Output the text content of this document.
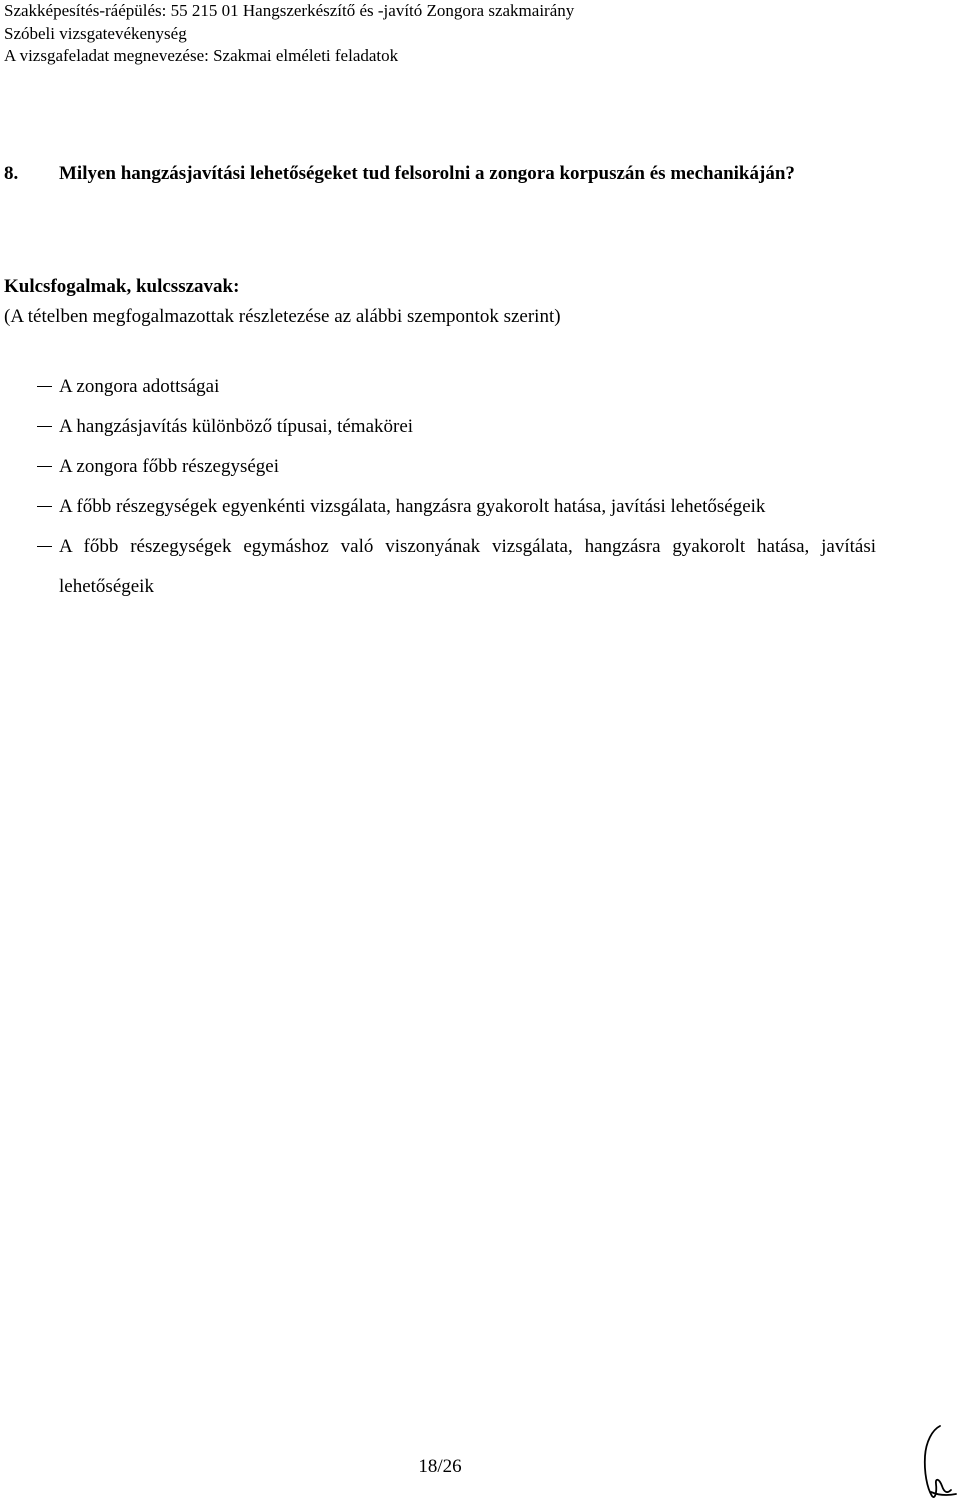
Szakképesítés-ráépülés: 55 215 01 Hangszerkészítő és -javító Zongora szakmairány
Szóbeli vizsgatevékenység
A vizsgafeladat megnevezése: Szakmai elméleti feladatok
8. Milyen hangzásjavítási lehetőségeket tud felsorolni a zongora korpuszán és mechanikáján?
Kulcsfogalmak, kulcsszavak:
(A tételben megfogalmazottak részletezése az alábbi szempontok szerint)
A zongora adottságai
A hangzásjavítás különböző típusai, témakörei
A zongora főbb részegységei
A főbb részegységek egyenkénti vizsgálata, hangzásra gyakorolt hatása, javítási lehetőségeik
A főbb részegységek egymáshoz való viszonyának vizsgálata, hangzásra gyakorolt hatása, javítási lehetőségeik
18/26
